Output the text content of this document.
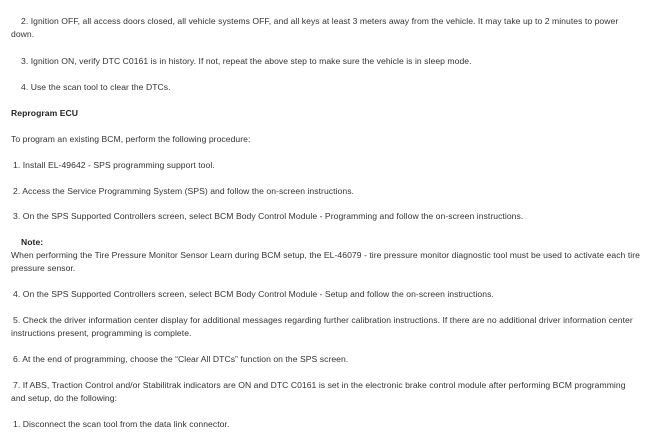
2. Ignition OFF, all access doors closed, all vehicle systems OFF, and all keys at least 3 meters away from the vehicle. It may take up to 2 minutes to power down.
3. Ignition ON, verify DTC C0161 is in history. If not, repeat the above step to make sure the vehicle is in sleep mode.
4. Use the scan tool to clear the DTCs.
Reprogram ECU
To program an existing BCM, perform the following procedure:
1. Install EL-49642 - SPS programming support tool.
2. Access the Service Programming System (SPS) and follow the on-screen instructions.
3. On the SPS Supported Controllers screen, select BCM Body Control Module - Programming and follow the on-screen instructions.
Note:
When performing the Tire Pressure Monitor Sensor Learn during BCM setup, the EL-46079 - tire pressure monitor diagnostic tool must be used to activate each tire pressure sensor.
4. On the SPS Supported Controllers screen, select BCM Body Control Module - Setup and follow the on-screen instructions.
5. Check the driver information center display for additional messages regarding further calibration instructions. If there are no additional driver information center instructions present, programming is complete.
6. At the end of programming, choose the “Clear All DTCs” function on the SPS screen.
7. If ABS, Traction Control and/or Stabilitrak indicators are ON and DTC C0161 is set in the electronic brake control module after performing BCM programming and setup, do the following:
1. Disconnect the scan tool from the data link connector.
